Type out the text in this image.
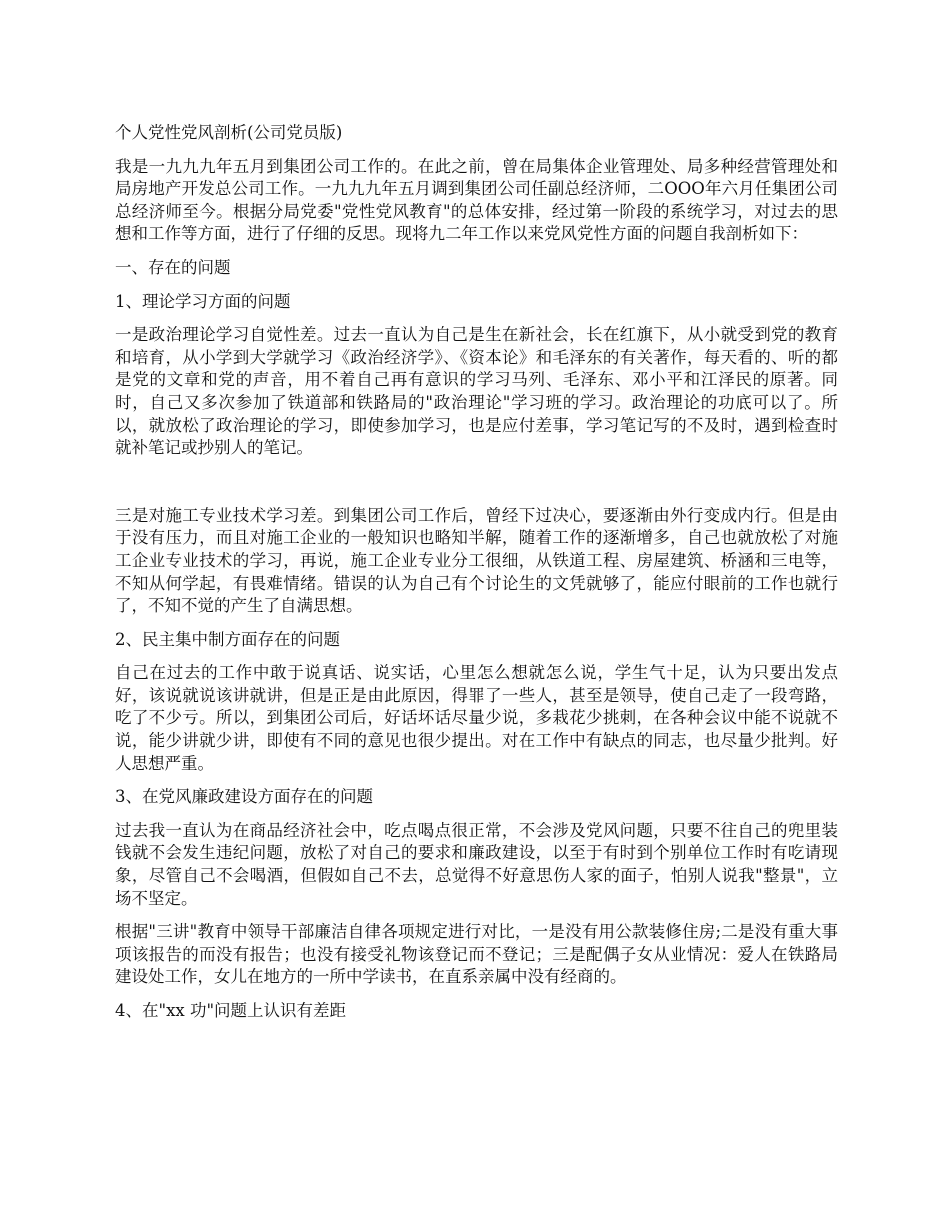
个人党性党风剖析(公司党员版)

我是一九九九年五月到集团公司工作的。在此之前，曾在局集体企业管理处、局多种经营管理处和局房地产开发总公司工作。一九九九年五月调到集团公司任副总经济师，二OOO年六月任集团公司总经济师至今。根据分局党委"党性党风教育"的总体安排，经过第一阶段的系统学习，对过去的思想和工作等方面，进行了仔细的反思。现将九二年工作以来党风党性方面的问题自我剖析如下：

一、存在的问题

1、理论学习方面的问题

一是政治理论学习自觉性差。过去一直认为自己是生在新社会，长在红旗下，从小就受到党的教育和培育，从小学到大学就学习《政治经济学》、《资本论》和毛泽东的有关著作，每天看的、听的都是党的文章和党的声音，用不着自己再有意识的学习马列、毛泽东、邓小平和江泽民的原著。同时，自己又多次参加了铁道部和铁路局的"政治理论"学习班的学习。政治理论的功底可以了。所以，就放松了政治理论的学习，即使参加学习，也是应付差事，学习笔记写的不及时，遇到检查时就补笔记或抄别人的笔记。

三是对施工专业技术学习差。到集团公司工作后，曾经下过决心，要逐渐由外行变成内行。但是由于没有压力，而且对施工企业的一般知识也略知半解，随着工作的逐渐增多，自己也就放松了对施工企业专业技术的学习，再说，施工企业专业分工很细，从铁道工程、房屋建筑、桥涵和三电等，不知从何学起，有畏难情绪。错误的认为自己有个讨论生的文凭就够了，能应付眼前的工作也就行了，不知不觉的产生了自满思想。

2、民主集中制方面存在的问题

自己在过去的工作中敢于说真话、说实话，心里怎么想就怎么说，学生气十足，认为只要出发点好，该说就说该讲就讲，但是正是由此原因，得罪了一些人，甚至是领导，使自己走了一段弯路，吃了不少亏。所以，到集团公司后，好话坏话尽量少说，多栽花少挑刺，在各种会议中能不说就不说，能少讲就少讲，即使有不同的意见也很少提出。对在工作中有缺点的同志，也尽量少批判。好人思想严重。

3、在党风廉政建设方面存在的问题

过去我一直认为在商品经济社会中，吃点喝点很正常，不会涉及党风问题，只要不往自己的兜里装钱就不会发生违纪问题，放松了对自己的要求和廉政建设，以至于有时到个别单位工作时有吃请现象，尽管自己不会喝酒，但假如自己不去，总觉得不好意思伤人家的面子，怕别人说我"整景"，立场不坚定。

根据"三讲"教育中领导干部廉洁自律各项规定进行对比，一是没有用公款装修住房;二是没有重大事项该报告的而没有报告；也没有接受礼物该登记而不登记；三是配偶子女从业情况：爱人在铁路局建设处工作，女儿在地方的一所中学读书，在直系亲属中没有经商的。

4、在"xx 功"问题上认识有差距
